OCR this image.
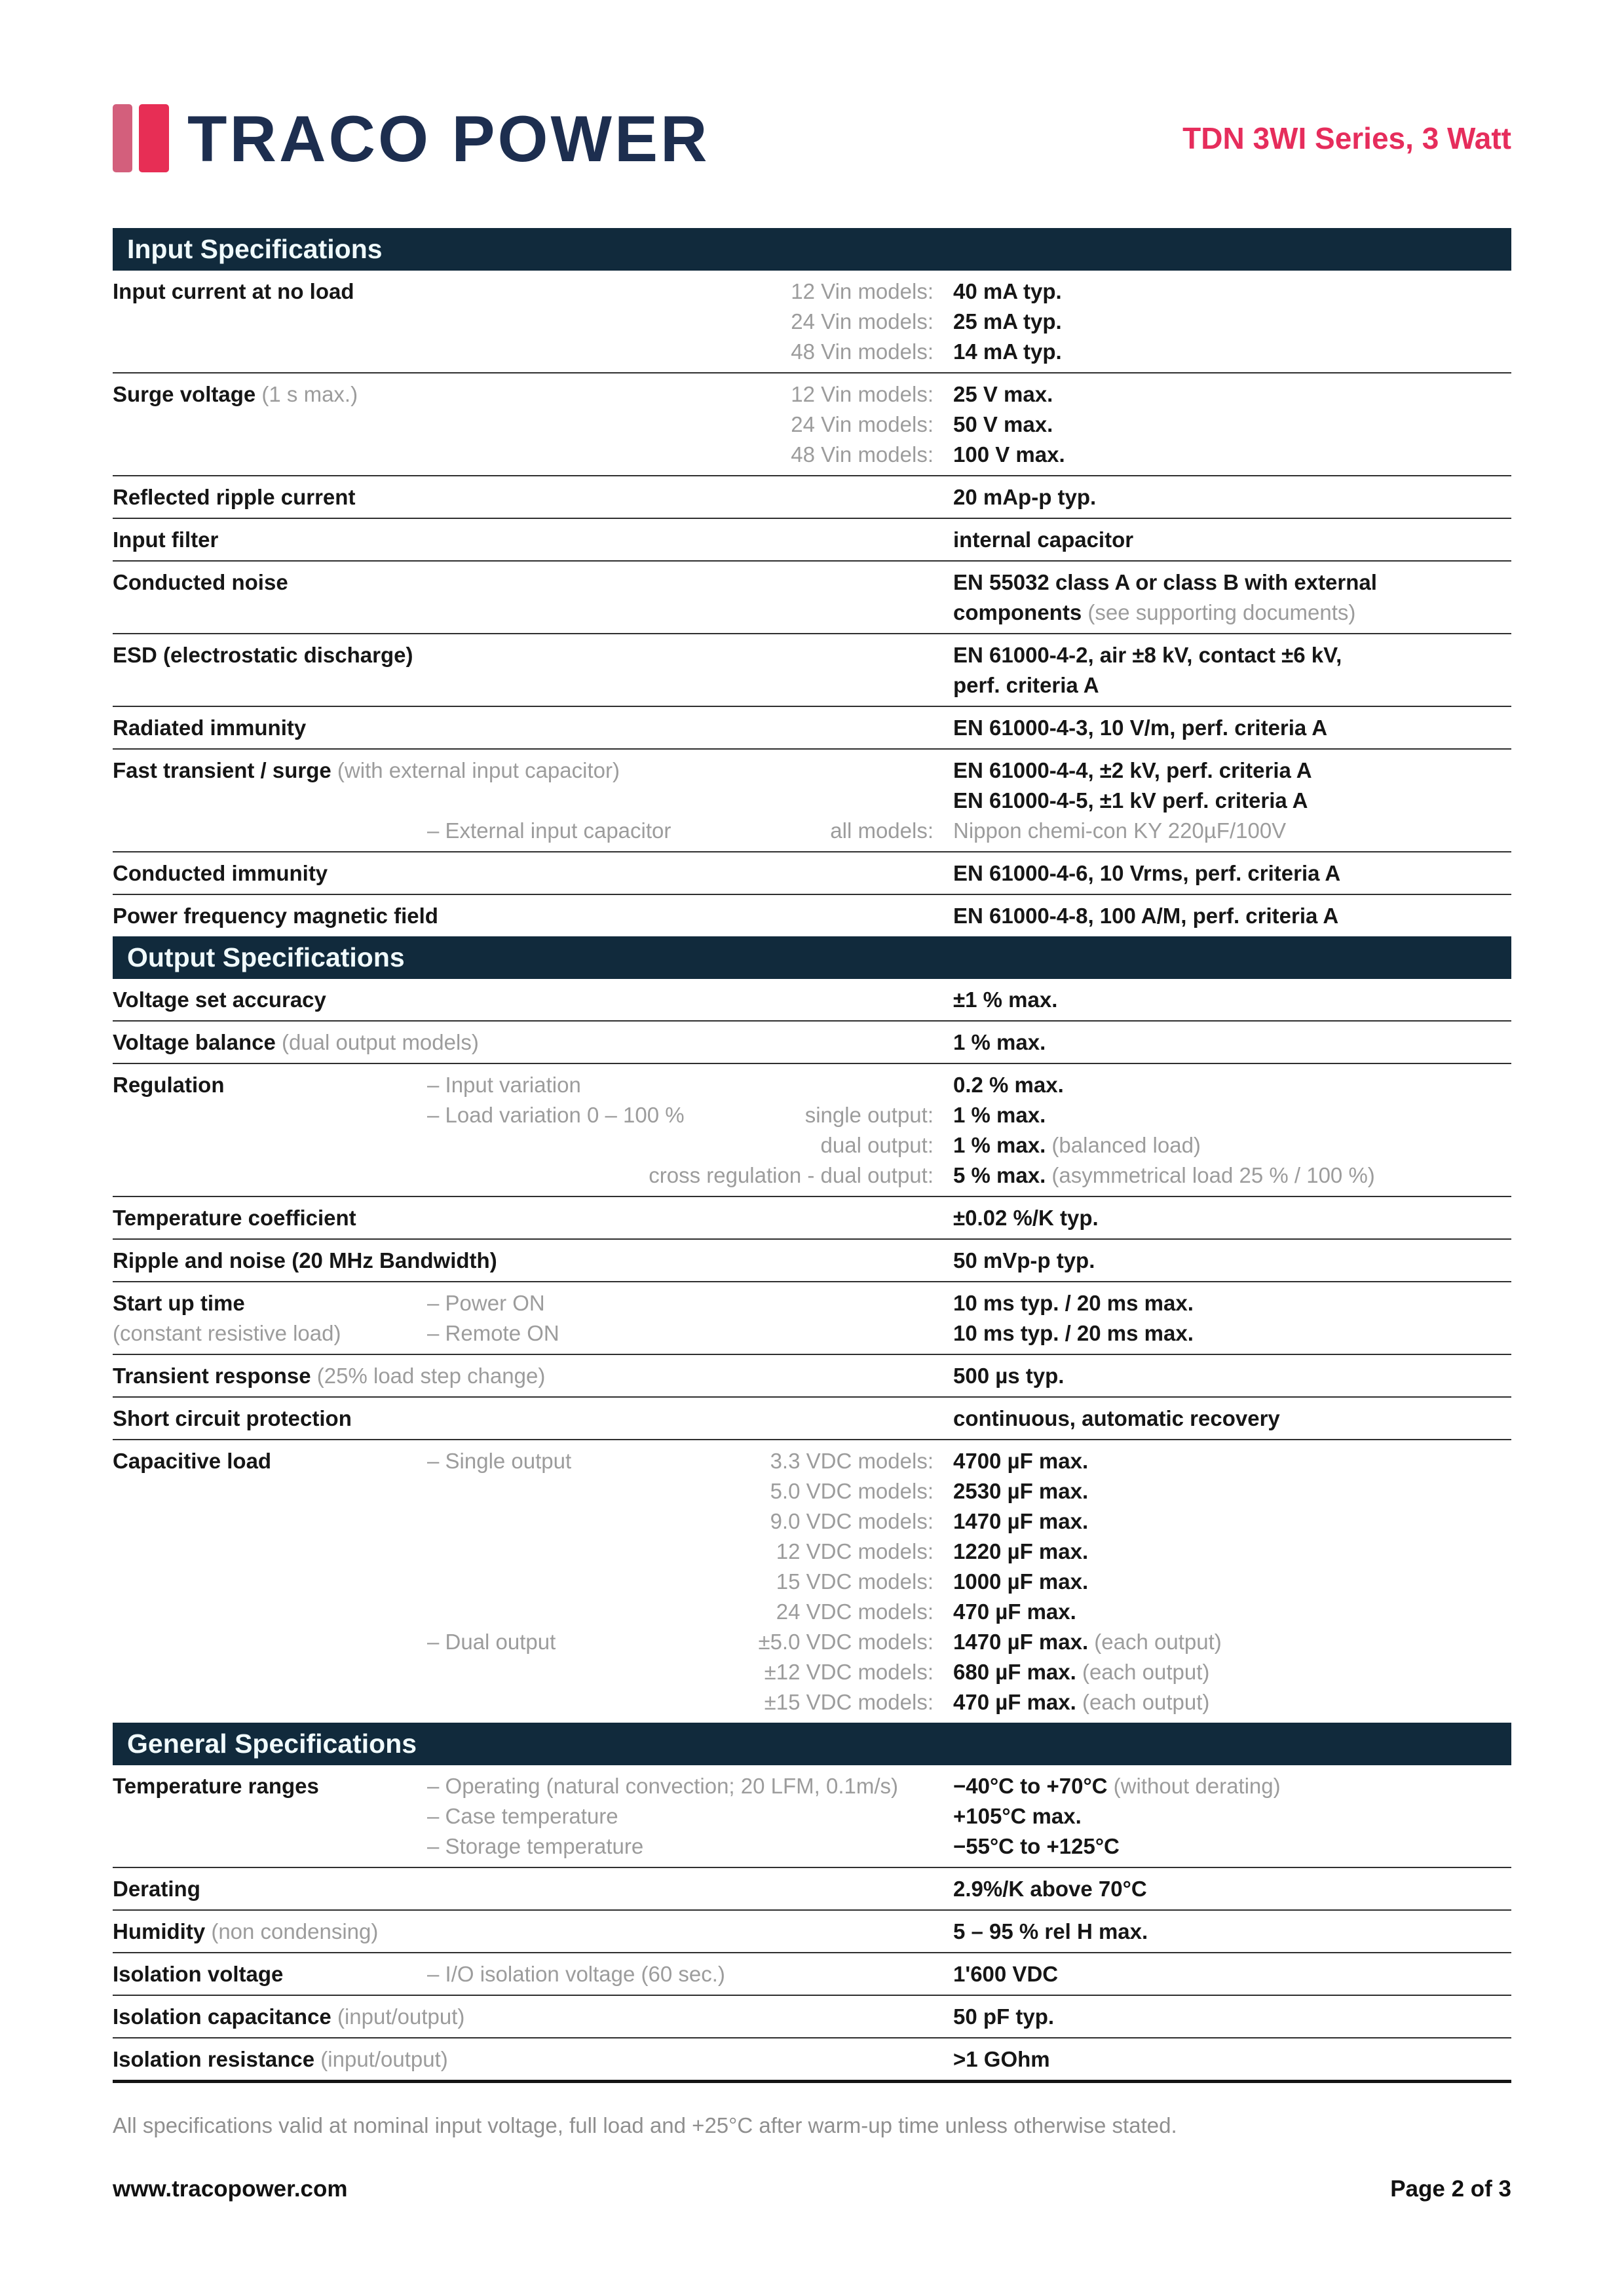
TRACO POWER	TDN 3WI Series, 3 Watt
Input Specifications
Input current at no load	12 Vin models: 40 mA typ.
24 Vin models: 25 mA typ.
48 Vin models: 14 mA typ.
Surge voltage (1 s max.)	12 Vin models: 25 V max.
24 Vin models: 50 V max.
48 Vin models: 100 V max.
Reflected ripple current	20 mAp-p typ.
Input filter	internal capacitor
Conducted noise	EN 55032 class A or class B with external components (see supporting documents)
ESD (electrostatic discharge)	EN 61000-4-2, air ±8 kV, contact ±6 kV, perf. criteria A
Radiated immunity	EN 61000-4-3, 10 V/m, perf. criteria A
Fast transient / surge (with external input capacitor)	EN 61000-4-4, ±2 kV, perf. criteria A
EN 61000-4-5, ±1 kV perf. criteria A
– External input capacitor	all models: Nippon chemi-con KY 220µF/100V
Conducted immunity	EN 61000-4-6, 10 Vrms, perf. criteria A
Power frequency magnetic field	EN 61000-4-8, 100 A/M, perf. criteria A
Output Specifications
Voltage set accuracy	±1 % max.
Voltage balance (dual output models)	1 % max.
Regulation	– Input variation	0.2 % max.
– Load variation 0 – 100 %	single output: 1 % max.
dual output: 1 % max. (balanced load)
cross regulation - dual output: 5 % max. (asymmetrical load 25 % / 100 %)
Temperature coefficient	±0.02 %/K typ.
Ripple and noise (20 MHz Bandwidth)	50 mVp-p typ.
Start up time
(constant resistive load)
– Power ON	10 ms typ. / 20 ms max.
– Remote ON	10 ms typ. / 20 ms max.
Transient response (25% load step change)	500 µs typ.
Short circuit protection	continuous, automatic recovery
Capacitive load	– Single output	3.3 VDC models: 4700 µF max.
5.0 VDC models: 2530 µF max.
9.0 VDC models: 1470 µF max.
12 VDC models: 1220 µF max.
15 VDC models: 1000 µF max.
24 VDC models: 470 µF max.
– Dual output	±5.0 VDC models: 1470 µF max. (each output)
±12 VDC models: 680 µF max. (each output)
±15 VDC models: 470 µF max. (each output)
General Specifications
Temperature ranges	– Operating (natural convection; 20 LFM, 0.1m/s)	−40°C to +70°C (without derating)
– Case temperature	+105°C max.
– Storage temperature	−55°C to +125°C
Derating	2.9%/K above 70°C
Humidity (non condensing)	5 – 95 % rel H max.
Isolation voltage	– I/O isolation voltage (60 sec.)	1'600 VDC
Isolation capacitance (input/output)	50 pF typ.
Isolation resistance (input/output)	>1 GOhm
All specifications valid at nominal input voltage, full load and +25°C after warm-up time unless otherwise stated.
www.tracopower.com	Page 2 of 3
